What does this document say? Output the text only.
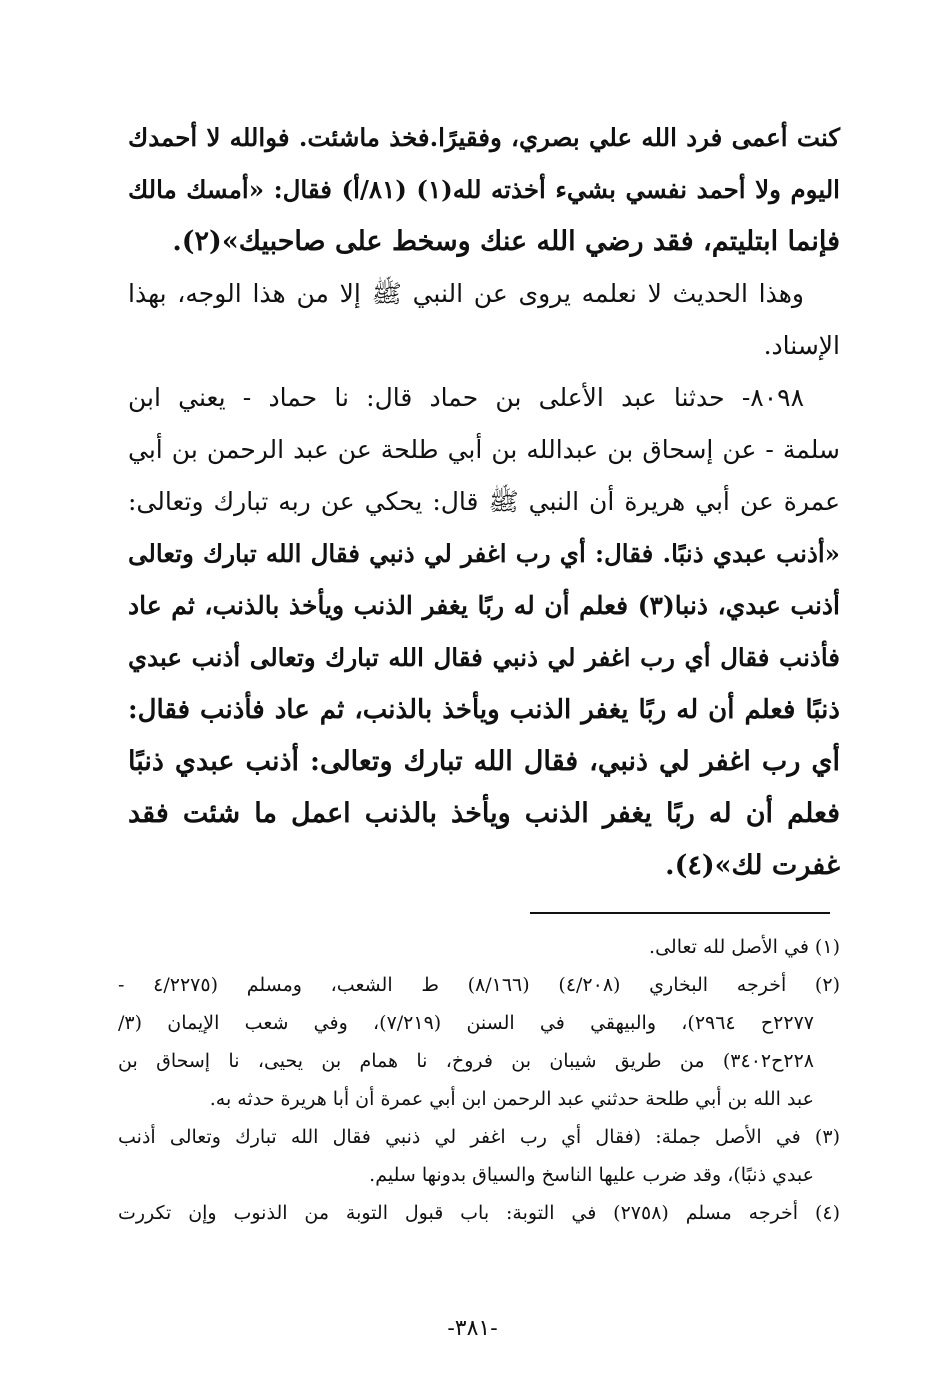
كنت أعمى فرد الله علي بصري، وفقيرًا.فخذ ماشئت. فوالله لا أحمدك
اليوم ولا أحمد نفسي بشيء أخذته لله(١) (٨١/أ) فقال: «أمسك مالك
فإنما ابتليتم، فقد رضي الله عنك وسخط على صاحبيك»(٢).
وهذا الحديث لا نعلمه يروى عن النبي ﷺ إلا من هذا الوجه، بهذا
الإسناد.
٨٠٩٨- حدثنا عبد الأعلى بن حماد قال: نا حماد - يعني ابن
سلمة - عن إسحاق بن عبدالله بن أبي طلحة عن عبد الرحمن بن أبي
عمرة عن أبي هريرة أن النبي ﷺ قال: يحكي عن ربه تبارك وتعالى:
«أذنب عبدي ذنبًا. فقال: أي رب اغفر لي ذنبي فقال الله تبارك وتعالى
أذنب عبدي، ذنبا(٣) فعلم أن له ربًا يغفر الذنب ويأخذ بالذنب، ثم عاد
فأذنب فقال أي رب اغفر لي ذنبي فقال الله تبارك وتعالى أذنب عبدي
ذنبًا فعلم أن له ربًا يغفر الذنب ويأخذ بالذنب، ثم عاد فأذنب فقال:
أي رب اغفر لي ذنبي، فقال الله تبارك وتعالى: أذنب عبدي ذنبًا
فعلم أن له ربًا يغفر الذنب ويأخذ بالذنب اعمل ما شئت فقد
غفرت لك»(٤).
(١) في الأصل لله تعالى.
(٢) أخرجه البخاري (٤/٢٠٨) (٨/١٦٦) ط الشعب، ومسلم (٤/٢٢٧٥ -
٢٢٧٧ح ٢٩٦٤)، والبيهقي في السنن (٧/٢١٩)، وفي شعب الإيمان (٣/
٢٢٨ح٣٤٠٢) من طريق شيبان بن فروخ، نا همام بن يحيى، نا إسحاق بن
عبد الله بن أبي طلحة حدثني عبد الرحمن ابن أبي عمرة أن أبا هريرة حدثه به.
(٣) في الأصل جملة: (فقال أي رب اغفر لي ذنبي فقال الله تبارك وتعالى أذنب
عبدي ذنبًا)، وقد ضرب عليها الناسخ والسياق بدونها سليم.
(٤) أخرجه مسلم (٢٧٥٨) في التوبة: باب قبول التوبة من الذنوب وإن تكررت
-٣٨١-
